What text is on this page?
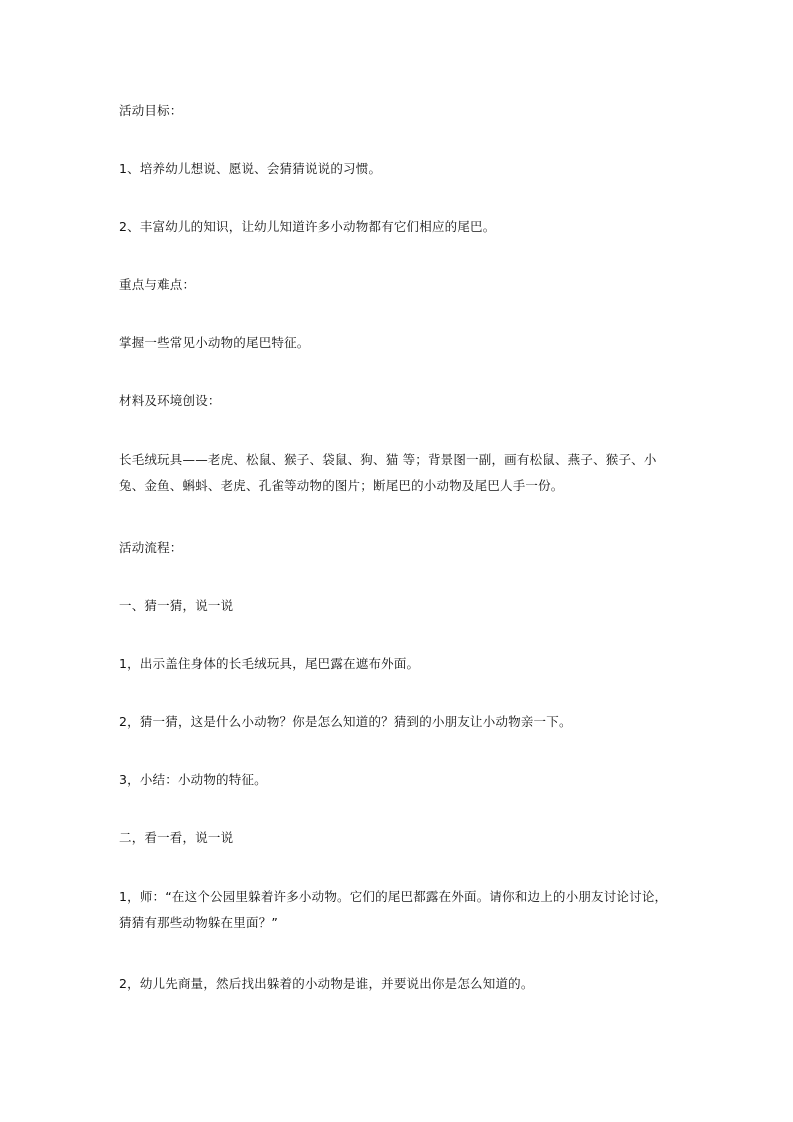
活动目标：
1、培养幼儿想说、愿说、会猜猜说说的习惯。
2、丰富幼儿的知识，让幼儿知道许多小动物都有它们相应的尾巴。
重点与难点：
掌握一些常见小动物的尾巴特征。
材料及环境创设：
长毛绒玩具——老虎、松鼠、猴子、袋鼠、狗、猫 等；背景图一副，画有松鼠、燕子、猴子、小兔、金鱼、蝌蚪、老虎、孔雀等动物的图片；断尾巴的小动物及尾巴人手一份。
活动流程：
一、猜一猜，说一说
1，出示盖住身体的长毛绒玩具，尾巴露在遮布外面。
2，猜一猜，这是什么小动物？你是怎么知道的？猜到的小朋友让小动物亲一下。
3，小结：小动物的特征。
二，看一看，说一说
1，师：“在这个公园里躲着许多小动物。它们的尾巴都露在外面。请你和边上的小朋友讨论讨论，猜猜有那些动物躲在里面？”
2，幼儿先商量，然后找出躲着的小动物是谁，并要说出你是怎么知道的。
